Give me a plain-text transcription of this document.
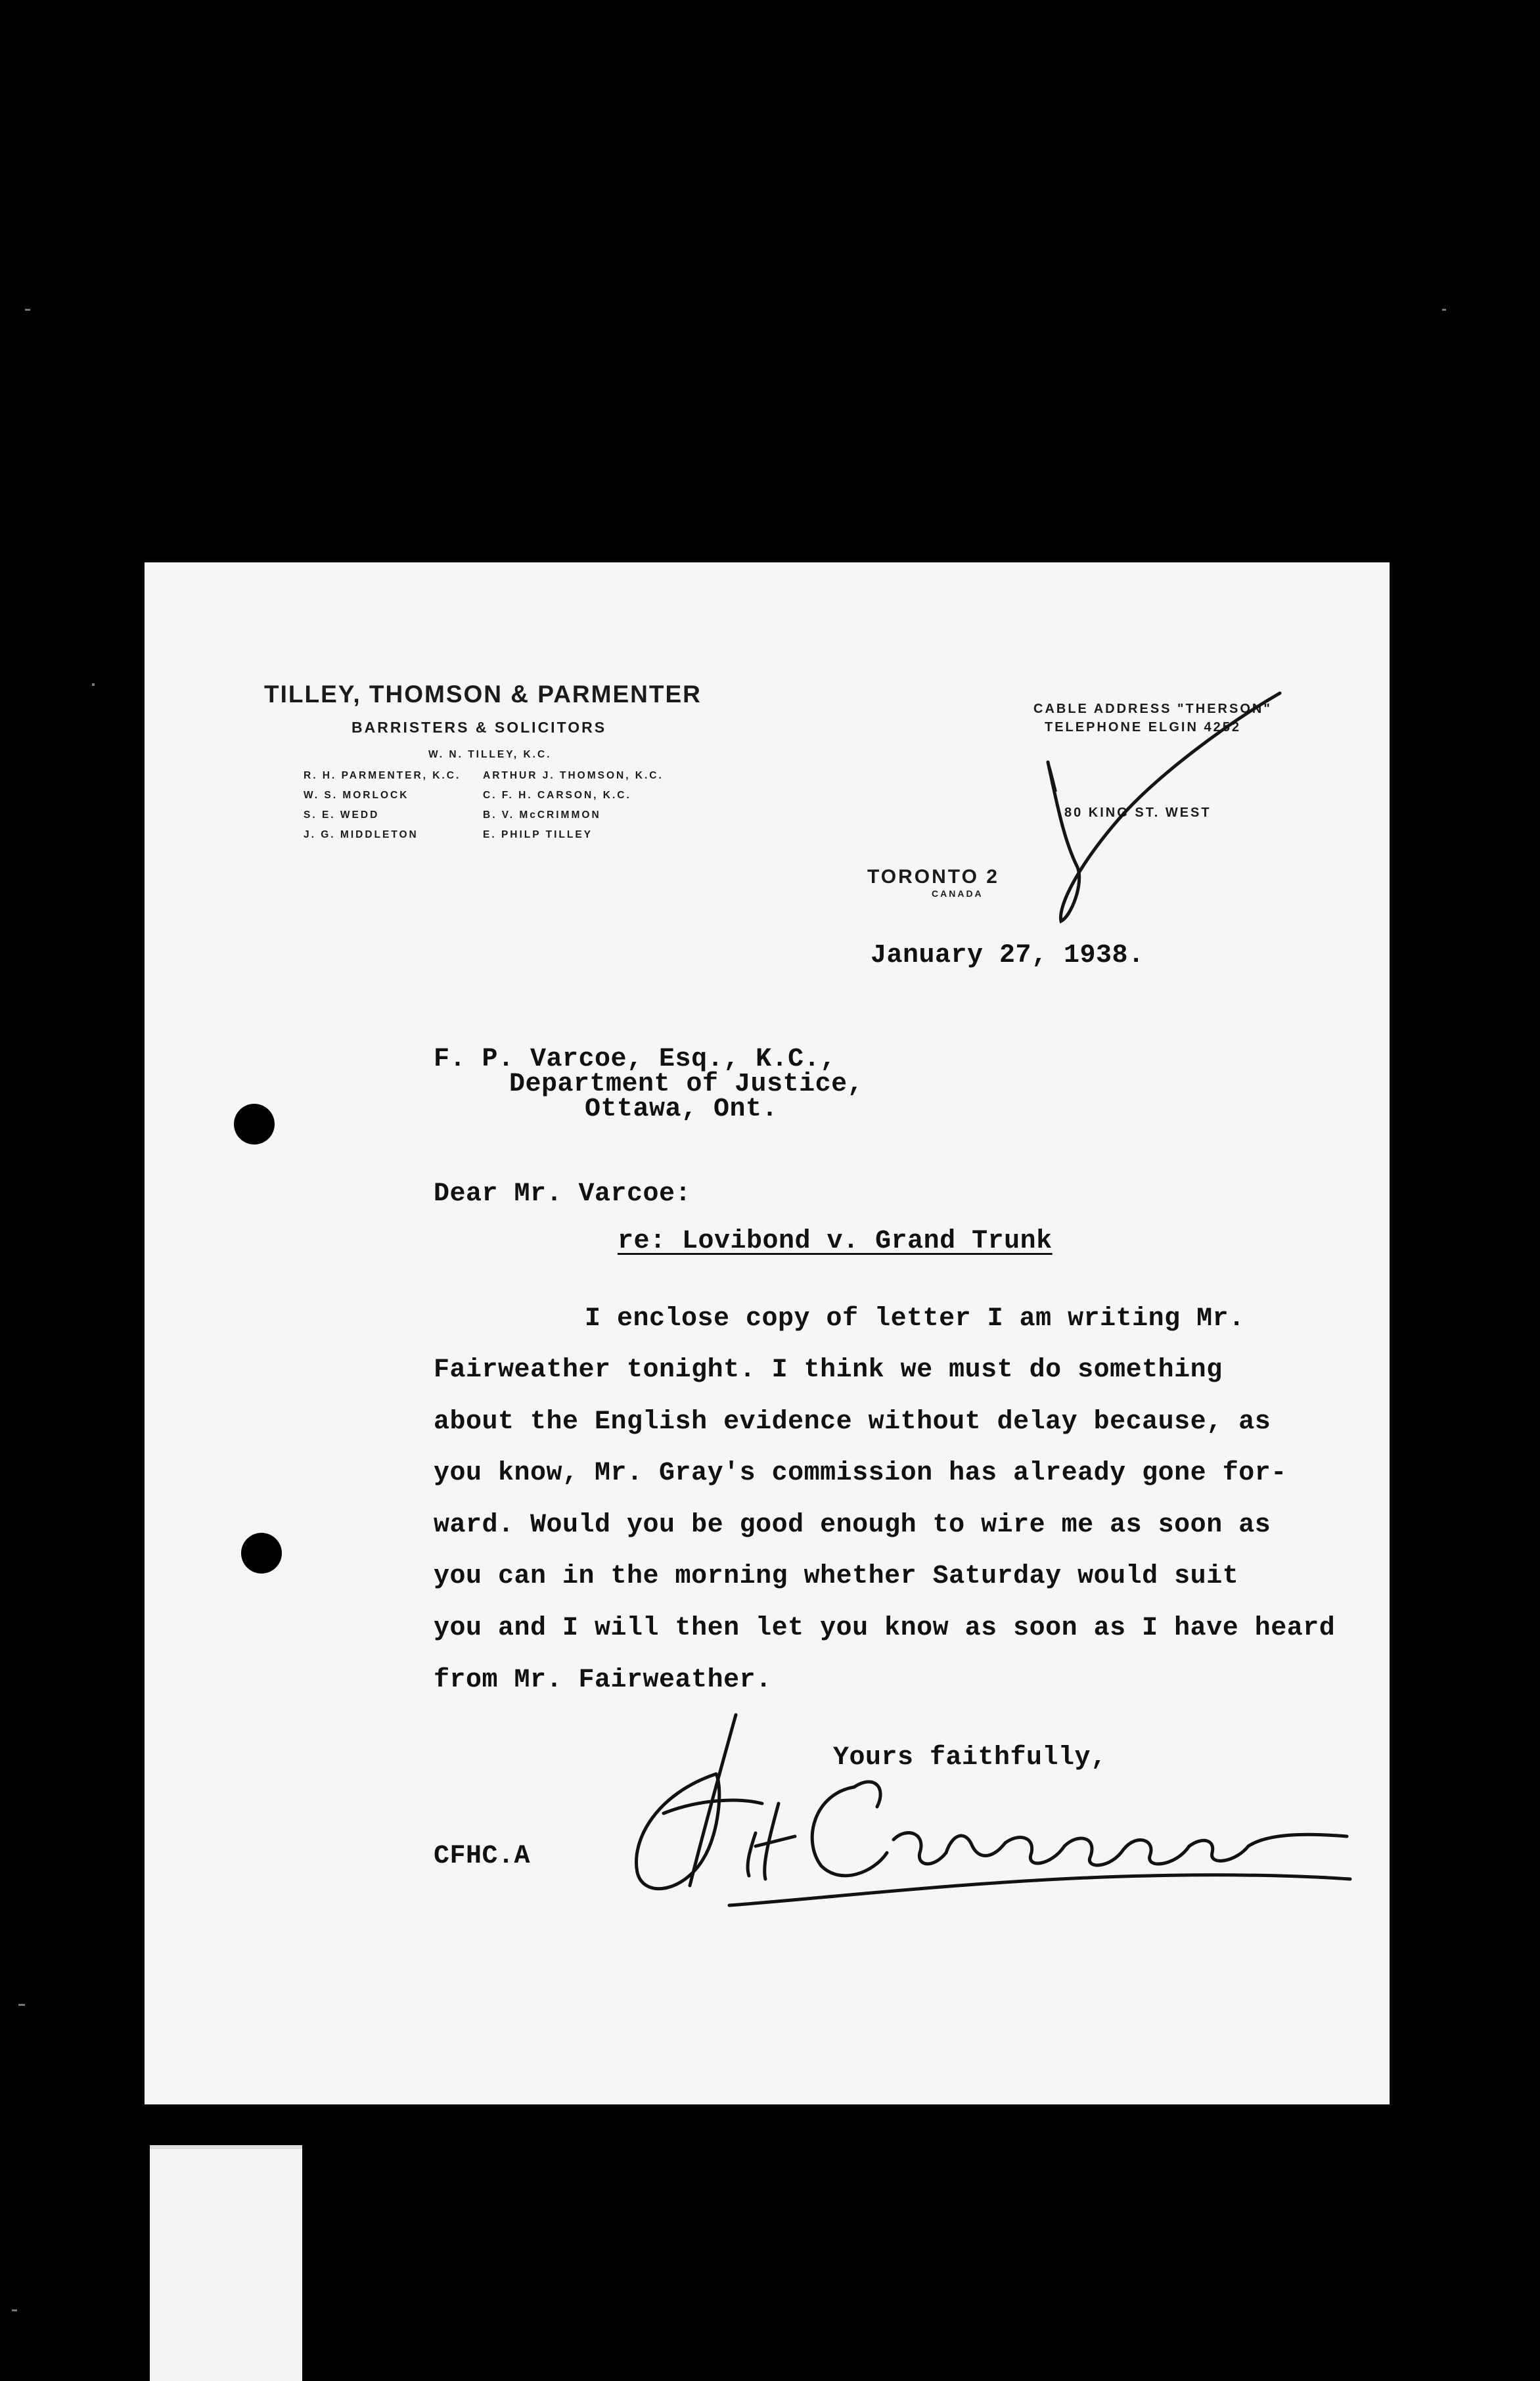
TILLEY, THOMSON & PARMENTER
BARRISTERS & SOLICITORS
W. N. TILLEY, K.C.
R. H. PARMENTER, K.C.
W. S. MORLOCK
S. E. WEDD
J. G. MIDDLETON
ARTHUR J. THOMSON, K.C.
C. F. H. CARSON, K.C.
B. V. McCRIMMON
E. PHILP TILLEY
CABLE ADDRESS "THERSON"
TELEPHONE ELGIN 4252
80 KING ST. WEST
TORONTO 2
CANADA
January 27, 1938.
F. P. Varcoe, Esq., K.C.,
Department of Justice,
Ottawa, Ont.
Dear Mr. Varcoe:
re: Lovibond v. Grand Trunk
I enclose copy of letter I am writing Mr.
Fairweather tonight. I think we must do something
about the English evidence without delay because, as
you know, Mr. Gray's commission has already gone for-
ward. Would you be good enough to wire me as soon as
you can in the morning whether Saturday would suit
you and I will then let you know as soon as I have heard
from Mr. Fairweather.
Yours faithfully,
CFHC.A
